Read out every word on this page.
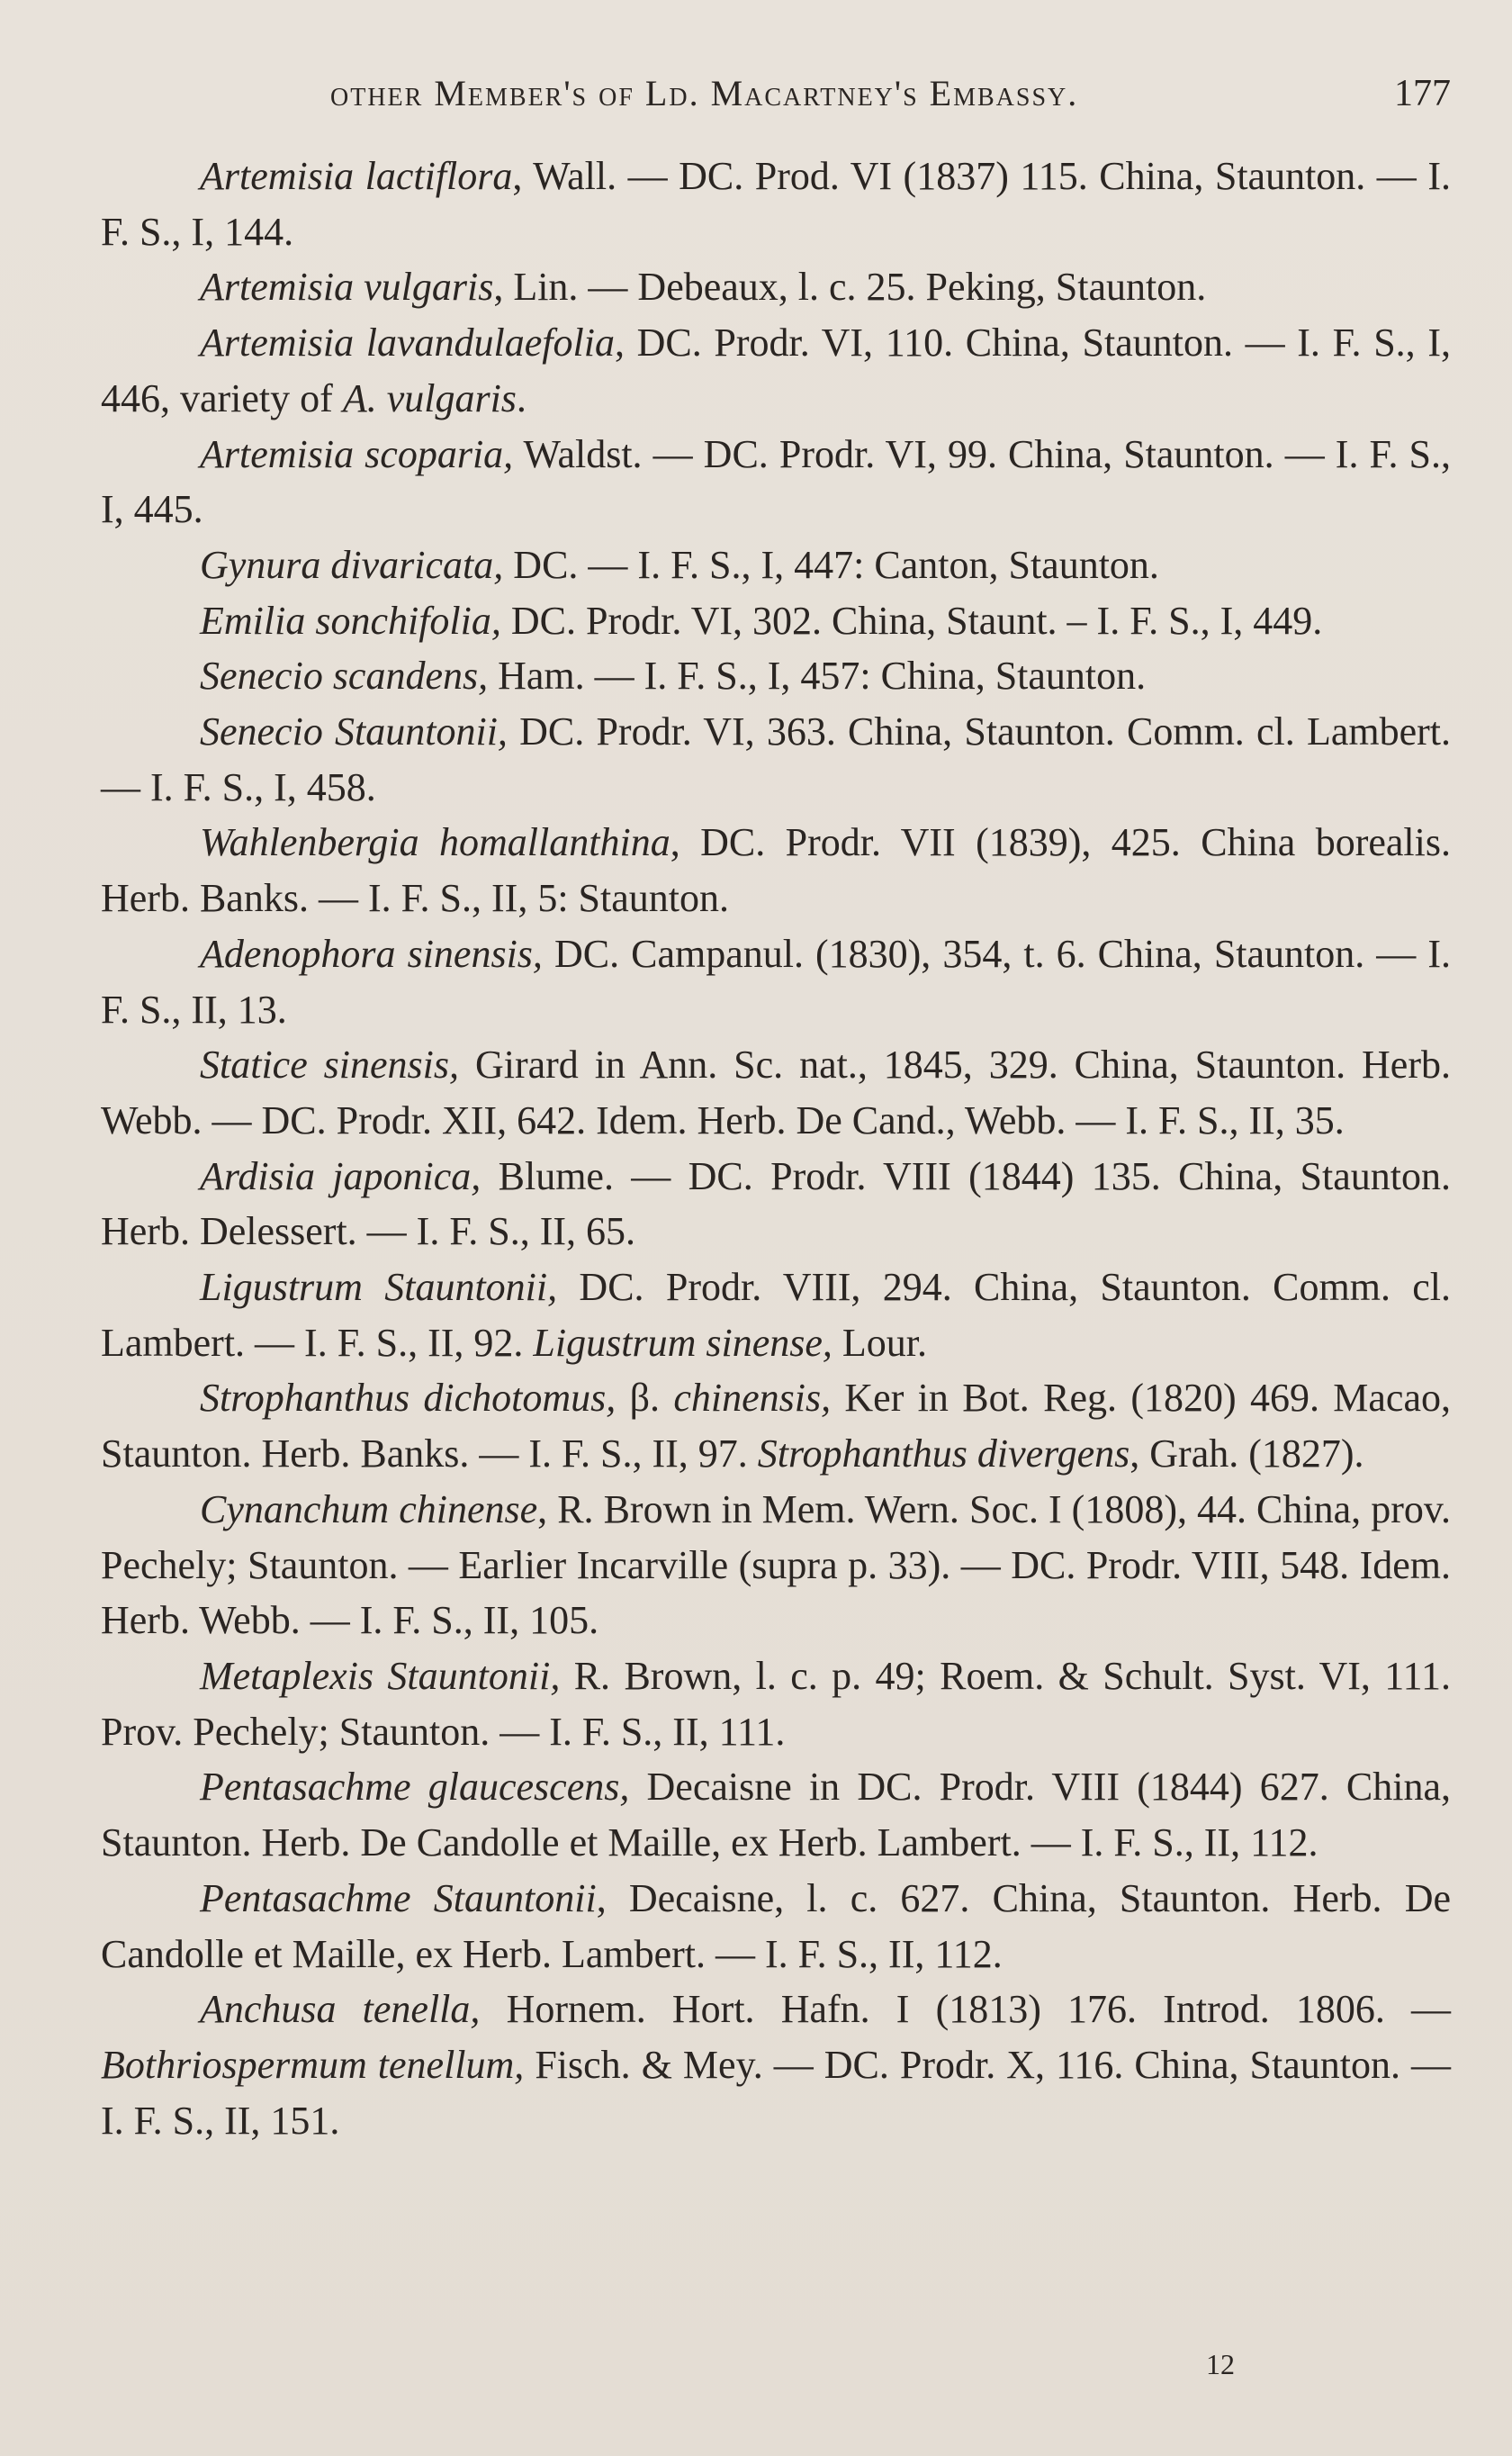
other Member's of Ld. Macartney's Embassy.	177

Artemisia lactiflora, Wall. — DC. Prod. VI (1837) 115. China, Staunton. — I. F. S., I, 144.

Artemisia vulgaris, Lin. — Debeaux, l. c. 25. Peking, Staunton.

Artemisia lavandulaefolia, DC. Prodr. VI, 110. China, Staunton. — I. F. S., I, 446, variety of A. vulgaris.

Artemisia scoparia, Waldst. — DC. Prodr. VI, 99. China, Staunton. — I. F. S., I, 445.

Gynura divaricata, DC. — I. F. S., I, 447: Canton, Staunton.

Emilia sonchifolia, DC. Prodr. VI, 302. China, Staunt. – I. F. S., I, 449.

Senecio scandens, Ham. — I. F. S., I, 457: China, Staunton.

Senecio Stauntonii, DC. Prodr. VI, 363. China, Staunton. Comm. cl. Lambert. — I. F. S., I, 458.

Wahlenbergia homallanthina, DC. Prodr. VII (1839), 425. China borealis. Herb. Banks. — I. F. S., II, 5: Staunton.

Adenophora sinensis, DC. Campanul. (1830), 354, t. 6. China, Staunton. — I. F. S., II, 13.

Statice sinensis, Girard in Ann. Sc. nat., 1845, 329. China, Staunton. Herb. Webb. — DC. Prodr. XII, 642. Idem. Herb. De Cand., Webb. — I. F. S., II, 35.

Ardisia japonica, Blume. — DC. Prodr. VIII (1844) 135. China, Staunton. Herb. Delessert. — I. F. S., II, 65.

Ligustrum Stauntonii, DC. Prodr. VIII, 294. China, Staunton. Comm. cl. Lambert. — I. F. S., II, 92. Ligustrum sinense, Lour.

Strophanthus dichotomus, β. chinensis, Ker in Bot. Reg. (1820) 469. Macao, Staunton. Herb. Banks. — I. F. S., II, 97. Strophanthus divergens, Grah. (1827).

Cynanchum chinense, R. Brown in Mem. Wern. Soc. I (1808), 44. China, prov. Pechely; Staunton. — Earlier Incarville (supra p. 33). — DC. Prodr. VIII, 548. Idem. Herb. Webb. — I. F. S., II, 105.

Metaplexis Stauntonii, R. Brown, l. c. p. 49; Roem. & Schult. Syst. VI, 111. Prov. Pechely; Staunton. — I. F. S., II, 111.

Pentasachme glaucescens, Decaisne in DC. Prodr. VIII (1844) 627. China, Staunton. Herb. De Candolle et Maille, ex Herb. Lambert. — I. F. S., II, 112.

Pentasachme Stauntonii, Decaisne, l. c. 627. China, Staunton. Herb. De Candolle et Maille, ex Herb. Lambert. — I. F. S., II, 112.

Anchusa tenella, Hornem. Hort. Hafn. I (1813) 176. Introd. 1806. — Bothriospermum tenellum, Fisch. & Mey. — DC. Prodr. X, 116. China, Staunton. — I. F. S., II, 151.

12
